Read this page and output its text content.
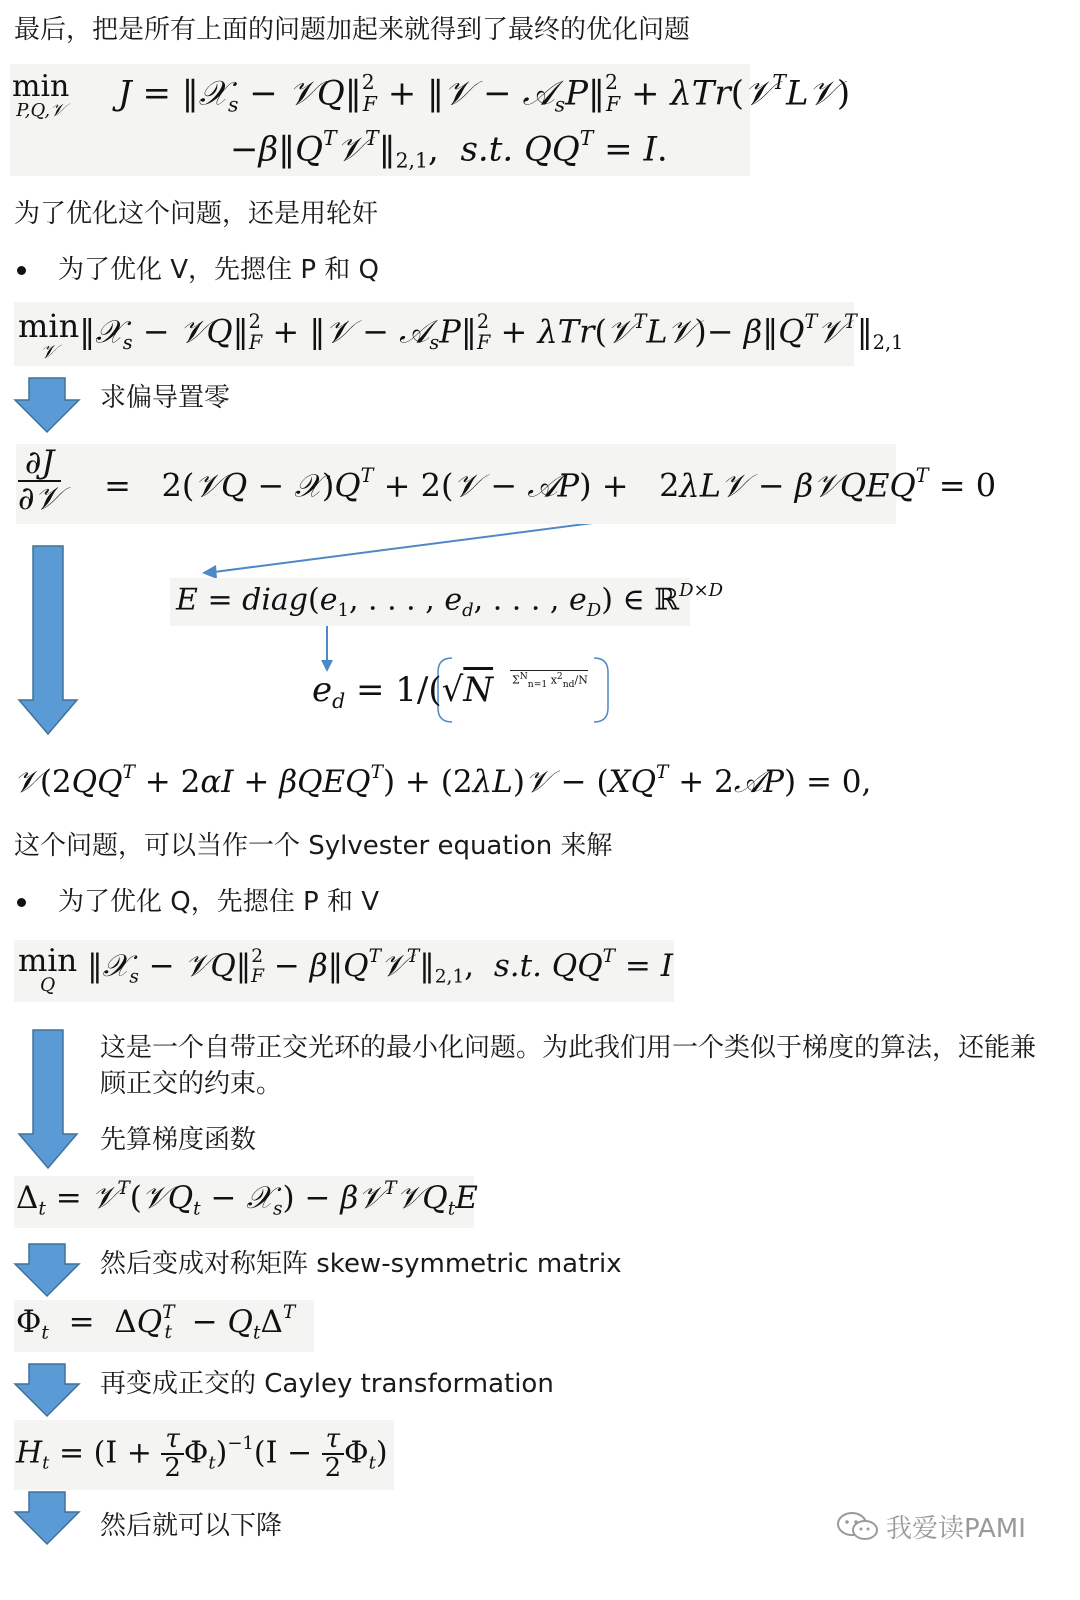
最后，把是所有上面的问题加起来就得到了最终的优化问题
min
P,Q,𝒱 J = ‖𝒳$_s$ − 𝒱Q‖$^2_F$ + ‖𝒱 − 𝒜$_s$P‖$^2_F$ + λTr(𝒱$^T$L𝒱)
$-\beta‖Q^T𝒱^T‖_{2,1}$,  s.t. $QQ^T = I$.
为了优化这个问题，还是用轮奸
为了优化 V，先摁住 P 和 Q
min
𝒱
‖𝒳$_s$ − 𝒱Q‖$^2_F$ + ‖𝒱 − 𝒜$_s$P‖$^2_F$ + λTr(𝒱$^T$L𝒱)− $\beta‖Q^T𝒱^T‖_{2,1}$
求偏导置零
$\frac{\partial J}{\text{∂𝒱}}$ =   2(𝒱Q − $𝒳)Q^T$ + 2(𝒱 − 𝒜P) +   2λL𝒱 − β𝒱QEQ$^T$ = 0
$E = diag(e_1$, . . . , $e_d$, . . . , $e_D$) ∈ ℝ$^{D\times D}$
$e_d = 1/(√N$ $\Sigma^N_{n=1}$ $x^2_{nd}/N$
$𝒱(2QQ^T + 2\alpha I + \beta QEQ^T)$ + (2λL)𝒱 − ($XQ^T$ + 2𝒜P) = 0,
这个问题，可以当作一个 Sylvester equation 来解
为了优化 Q，先摁住 P 和 V
min
Q
‖𝒳$_s$ − 𝒱Q‖$^2_F$ − $\beta‖Q^T𝒱^T‖_{2,1}$,  s.t. $QQ^T = I$
这是一个自带正交光环的最小化问题。为此我们用一个类似于梯度的算法，还能兼
顾正交的约束。
先算梯度函数
$\Delta_t$ = 𝒱$^T$(𝒱Q$_t$ − 𝒳$_s$) − β𝒱$^T$𝒱Q$_t$E
然后变成对称矩阵 skew-symmetric matrix
$\Phi_t = \Delta Q^T_t - Q_t\Delta^T$
再变成正交的 Cayley transformation
$H_t = (I + \frac{\tau}{2} \Phi_t)^{-1}(I - \frac{\tau}{2} \Phi_t)$
然后就可以下降	我爱读PAMI
